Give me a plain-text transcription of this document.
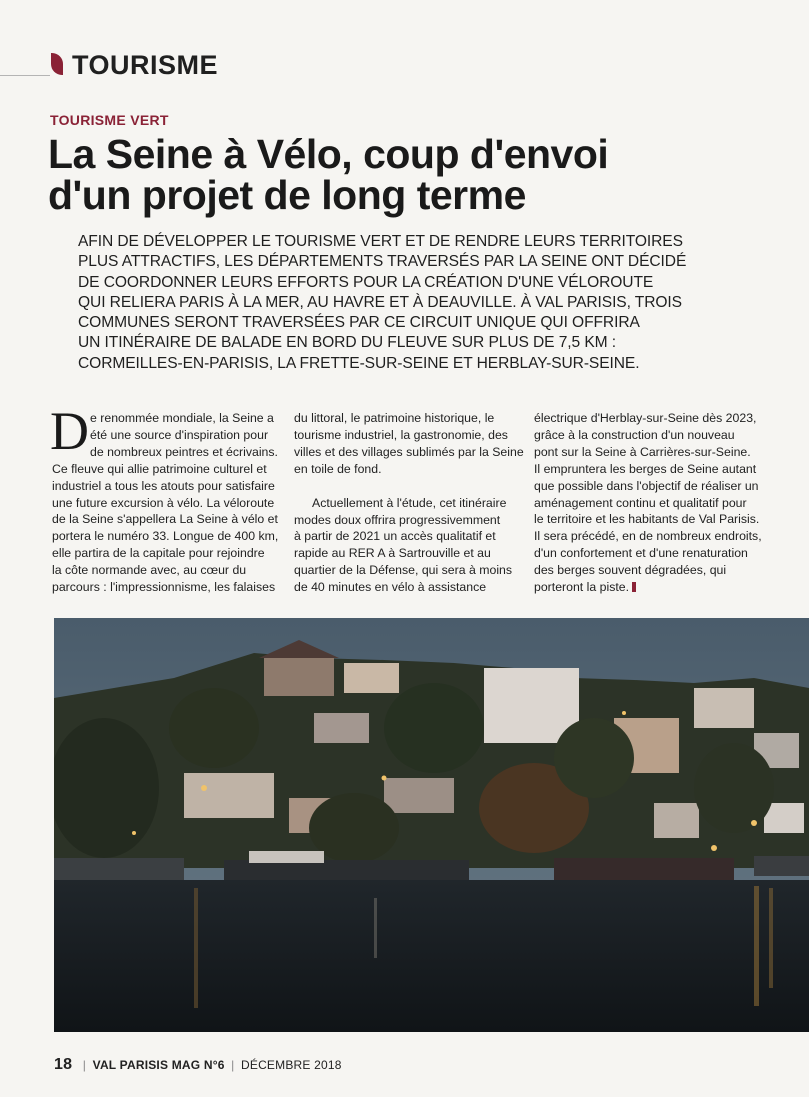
TOURISME
TOURISME VERT
La Seine à Vélo, coup d'envoi
d'un projet de long terme
AFIN DE DÉVELOPPER LE TOURISME VERT ET DE RENDRE LEURS TERRITOIRES
PLUS ATTRACTIFS, LES DÉPARTEMENTS TRAVERSÉS PAR LA SEINE ONT DÉCIDÉ
DE COORDONNER LEURS EFFORTS POUR LA CRÉATION D'UNE VÉLOROUTE
QUI RELIERA PARIS À LA MER, AU HAVRE ET À DEAUVILLE. À VAL PARISIS, TROIS
COMMUNES SERONT TRAVERSÉES PAR CE CIRCUIT UNIQUE QUI OFFRIRA
UN ITINÉRAIRE DE BALADE EN BORD DU FLEUVE SUR PLUS DE 7,5 KM :
CORMEILLES-EN-PARISIS, LA FRETTE-SUR-SEINE ET HERBLAY-SUR-SEINE.
D e renommée mondiale, la Seine a
été une source d'inspiration pour
de nombreux peintres et écrivains.
Ce fleuve qui allie patrimoine culturel et
industriel a tous les atouts pour satisfaire
une future excursion à vélo. La véloroute
de la Seine s'appellera La Seine à vélo et
portera le numéro 33. Longue de 400 km,
elle partira de la capitale pour rejoindre
la côte normande avec, au cœur du
parcours : l'impressionnisme, les falaises
du littoral, le patrimoine historique, le
tourisme industriel, la gastronomie, des
villes et des villages sublimés par la Seine
en toile de fond.
Actuellement à l'étude, cet itinéraire
modes doux offrira progressivemment
à partir de 2021 un accès qualitatif et
rapide au RER A à Sartrouville et au
quartier de la Défense, qui sera à moins
de 40 minutes en vélo à assistance
électrique d'Herblay-sur-Seine dès 2023,
grâce à la construction d'un nouveau
pont sur la Seine à Carrières-sur-Seine.
Il empruntera les berges de Seine autant
que possible dans l'objectif de réaliser un
aménagement continu et qualitatif pour
le territoire et les habitants de Val Parisis.
Il sera précédé, en de nombreux endroits,
d'un confortement et d'une renaturation
des berges souvent dégradées, qui
porteront la piste.
18 | VAL PARISIS MAG N°6 | DÉCEMBRE 2018
